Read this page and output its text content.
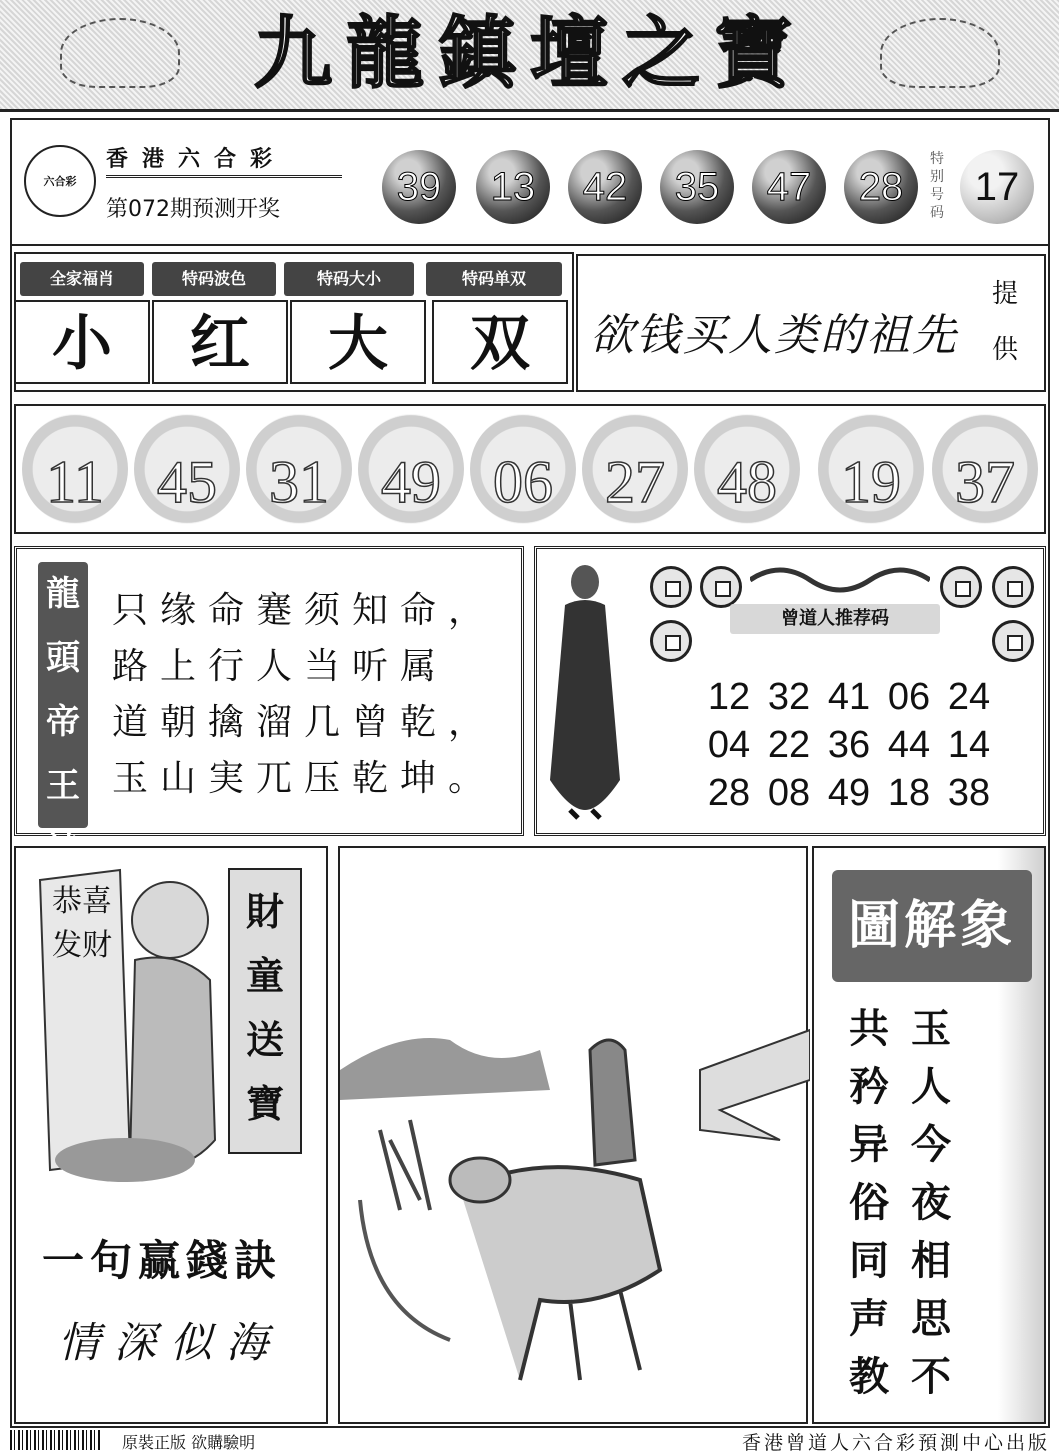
九龍鎮壇之寶
六合彩
香港六合彩
第072期预测开奖
39 13 42 35 47 28
特别号码
17
全家福肖	特码波色	特码大小	特码单双
小	红	大	双	欲钱买人类的祖先
提供
11 45 31 49 06 27 48	19 37
龍頭帝王詩
只缘命蹇须知命，
路上行人当听属
道朝擒溜几曾乾，
玉山実兀压乾坤。
曾道人推荐码
12 32 41 06 24
04 22 36 44 14
28 08 49 18 38
恭喜发财
財童送寶
一句赢錢訣
情深似海
圖解象
玉人今夜相思不
共矜异俗同声教
原裝正版 欲購驗明	香港曾道人六合彩預測中心出版
